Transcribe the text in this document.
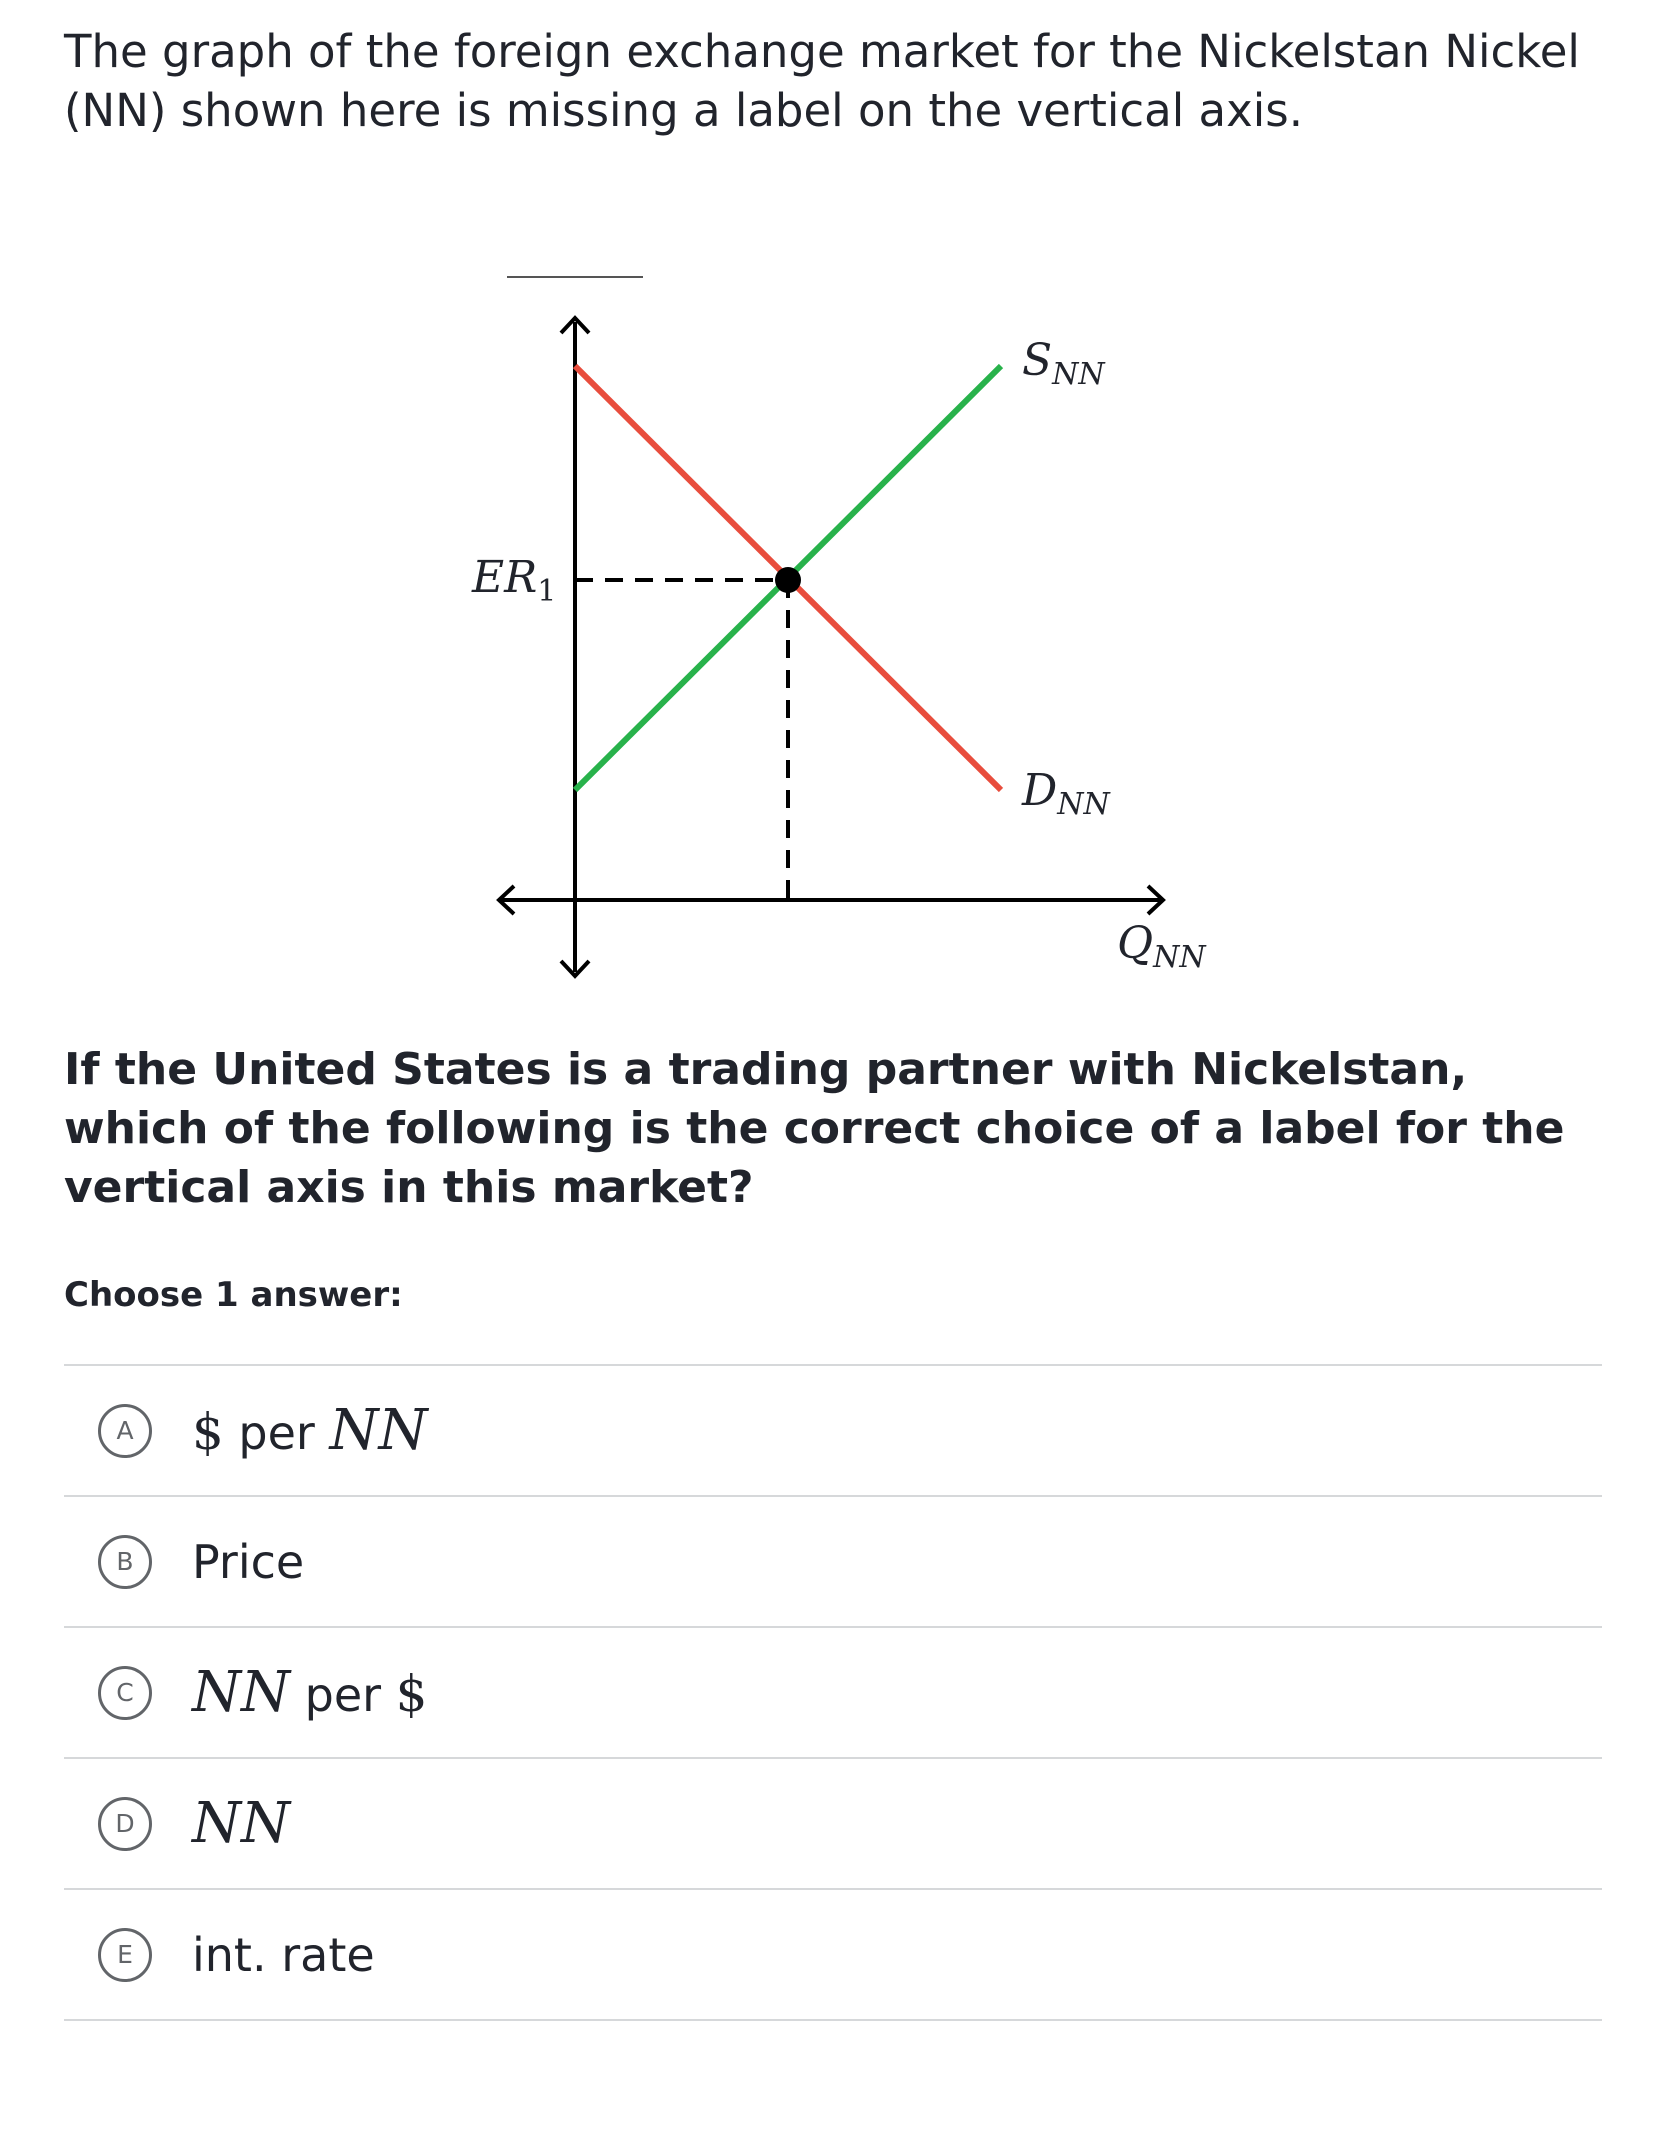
The graph of the foreign exchange market for the Nickelstan Nickel (NN) shown here is missing a label on the vertical axis.

$S_{NN}$
$D_{NN}$
$Q_{NN}$
$ER_1$

If the United States is a trading partner with Nickelstan, which of the following is the correct choice of a label for the vertical axis in this market?

Choose 1 answer:

A	$ per NN
B	Price
C	NN per $
D	NN
E	int. rate
